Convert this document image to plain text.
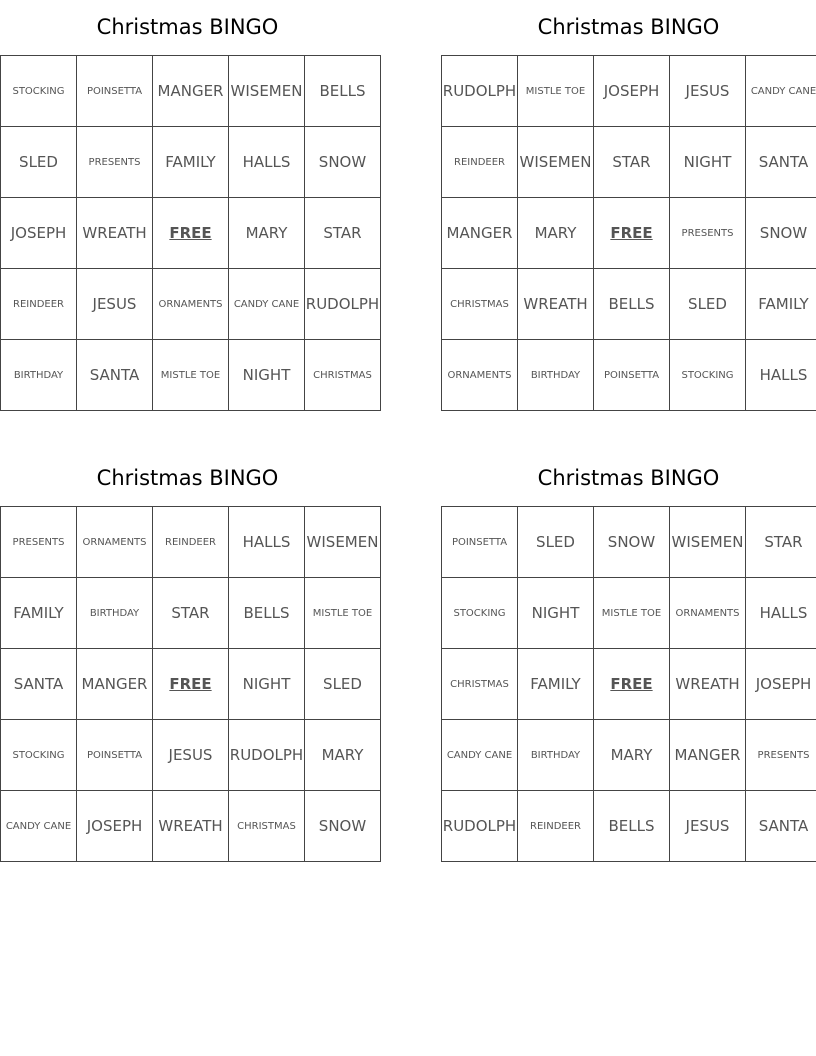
Christmas BINGO
STOCKING	POINSETTA	MANGER	WISEMEN	BELLS
SLED	PRESENTS	FAMILY	HALLS	SNOW
JOSEPH	WREATH	FREE	MARY	STAR
REINDEER	JESUS	ORNAMENTS	CANDY CANE	RUDOLPH
BIRTHDAY	SANTA	MISTLE TOE	NIGHT	CHRISTMAS
Christmas BINGO
RUDOLPH	MISTLE TOE	JOSEPH	JESUS	CANDY CANE
REINDEER	WISEMEN	STAR	NIGHT	SANTA
MANGER	MARY	FREE	PRESENTS	SNOW
CHRISTMAS	WREATH	BELLS	SLED	FAMILY
ORNAMENTS	BIRTHDAY	POINSETTA	STOCKING	HALLS
Christmas BINGO
PRESENTS	ORNAMENTS	REINDEER	HALLS	WISEMEN
FAMILY	BIRTHDAY	STAR	BELLS	MISTLE TOE
SANTA	MANGER	FREE	NIGHT	SLED
STOCKING	POINSETTA	JESUS	RUDOLPH	MARY
CANDY CANE	JOSEPH	WREATH	CHRISTMAS	SNOW
Christmas BINGO
POINSETTA	SLED	SNOW	WISEMEN	STAR
STOCKING	NIGHT	MISTLE TOE	ORNAMENTS	HALLS
CHRISTMAS	FAMILY	FREE	WREATH	JOSEPH
CANDY CANE	BIRTHDAY	MARY	MANGER	PRESENTS
RUDOLPH	REINDEER	BELLS	JESUS	SANTA
